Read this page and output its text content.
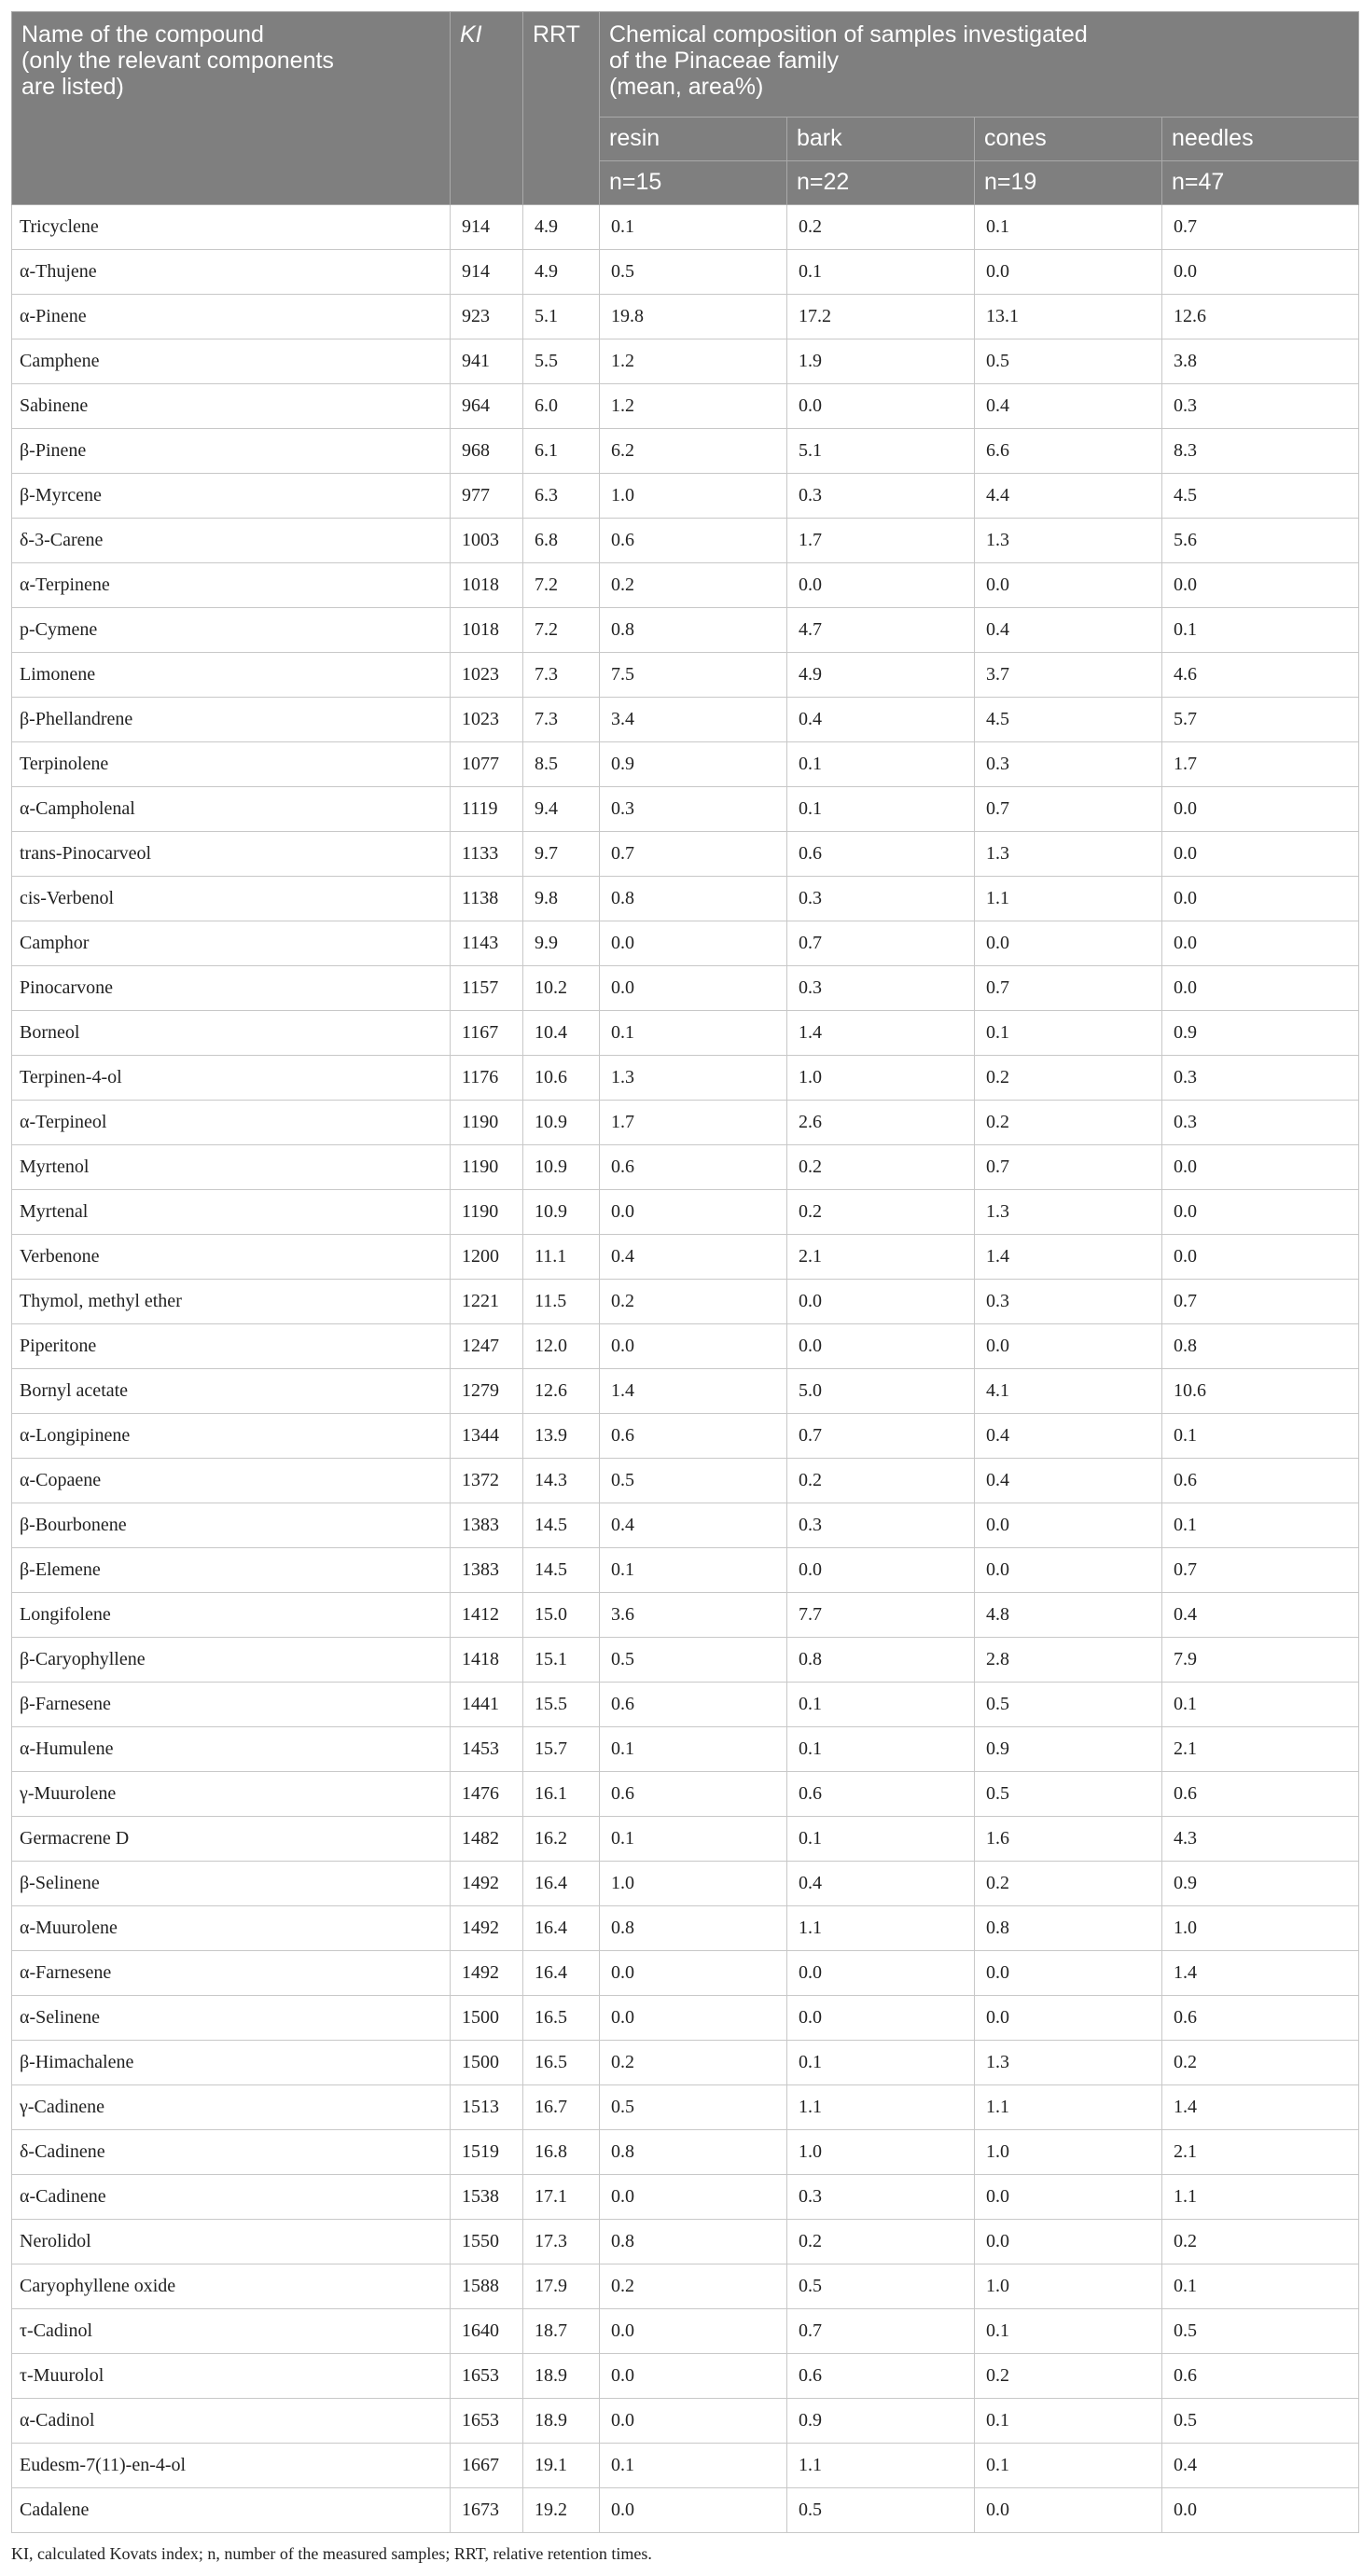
Name of the compound
(only the relevant components
are listed)	KI	RRT	Chemical composition of samples investigated
of the Pinaceae family
(mean, area%)			
			resin	bark	cones	needles
			n=15	n=22	n=19	n=47
Tricyclene	914	4.9	0.1	0.2	0.1	0.7
α-Thujene	914	4.9	0.5	0.1	0.0	0.0
α-Pinene	923	5.1	19.8	17.2	13.1	12.6
Camphene	941	5.5	1.2	1.9	0.5	3.8
Sabinene	964	6.0	1.2	0.0	0.4	0.3
β-Pinene	968	6.1	6.2	5.1	6.6	8.3
β-Myrcene	977	6.3	1.0	0.3	4.4	4.5
δ-3-Carene	1003	6.8	0.6	1.7	1.3	5.6
α-Terpinene	1018	7.2	0.2	0.0	0.0	0.0
p-Cymene	1018	7.2	0.8	4.7	0.4	0.1
Limonene	1023	7.3	7.5	4.9	3.7	4.6
β-Phellandrene	1023	7.3	3.4	0.4	4.5	5.7
Terpinolene	1077	8.5	0.9	0.1	0.3	1.7
α-Campholenal	1119	9.4	0.3	0.1	0.7	0.0
trans-Pinocarveol	1133	9.7	0.7	0.6	1.3	0.0
cis-Verbenol	1138	9.8	0.8	0.3	1.1	0.0
Camphor	1143	9.9	0.0	0.7	0.0	0.0
Pinocarvone	1157	10.2	0.0	0.3	0.7	0.0
Borneol	1167	10.4	0.1	1.4	0.1	0.9
Terpinen-4-ol	1176	10.6	1.3	1.0	0.2	0.3
α-Terpineol	1190	10.9	1.7	2.6	0.2	0.3
Myrtenol	1190	10.9	0.6	0.2	0.7	0.0
Myrtenal	1190	10.9	0.0	0.2	1.3	0.0
Verbenone	1200	11.1	0.4	2.1	1.4	0.0
Thymol, methyl ether	1221	11.5	0.2	0.0	0.3	0.7
Piperitone	1247	12.0	0.0	0.0	0.0	0.8
Bornyl acetate	1279	12.6	1.4	5.0	4.1	10.6
α-Longipinene	1344	13.9	0.6	0.7	0.4	0.1
α-Copaene	1372	14.3	0.5	0.2	0.4	0.6
β-Bourbonene	1383	14.5	0.4	0.3	0.0	0.1
β-Elemene	1383	14.5	0.1	0.0	0.0	0.7
Longifolene	1412	15.0	3.6	7.7	4.8	0.4
β-Caryophyllene	1418	15.1	0.5	0.8	2.8	7.9
β-Farnesene	1441	15.5	0.6	0.1	0.5	0.1
α-Humulene	1453	15.7	0.1	0.1	0.9	2.1
γ-Muurolene	1476	16.1	0.6	0.6	0.5	0.6
Germacrene D	1482	16.2	0.1	0.1	1.6	4.3
β-Selinene	1492	16.4	1.0	0.4	0.2	0.9
α-Muurolene	1492	16.4	0.8	1.1	0.8	1.0
α-Farnesene	1492	16.4	0.0	0.0	0.0	1.4
α-Selinene	1500	16.5	0.0	0.0	0.0	0.6
β-Himachalene	1500	16.5	0.2	0.1	1.3	0.2
γ-Cadinene	1513	16.7	0.5	1.1	1.1	1.4
δ-Cadinene	1519	16.8	0.8	1.0	1.0	2.1
α-Cadinene	1538	17.1	0.0	0.3	0.0	1.1
Nerolidol	1550	17.3	0.8	0.2	0.0	0.2
Caryophyllene oxide	1588	17.9	0.2	0.5	1.0	0.1
τ-Cadinol	1640	18.7	0.0	0.7	0.1	0.5
τ-Muurolol	1653	18.9	0.0	0.6	0.2	0.6
α-Cadinol	1653	18.9	0.0	0.9	0.1	0.5
Eudesm-7(11)-en-4-ol	1667	19.1	0.1	1.1	0.1	0.4
Cadalene	1673	19.2	0.0	0.5	0.0	0.0
KI, calculated Kovats index; n, number of the measured samples; RRT, relative retention times.
